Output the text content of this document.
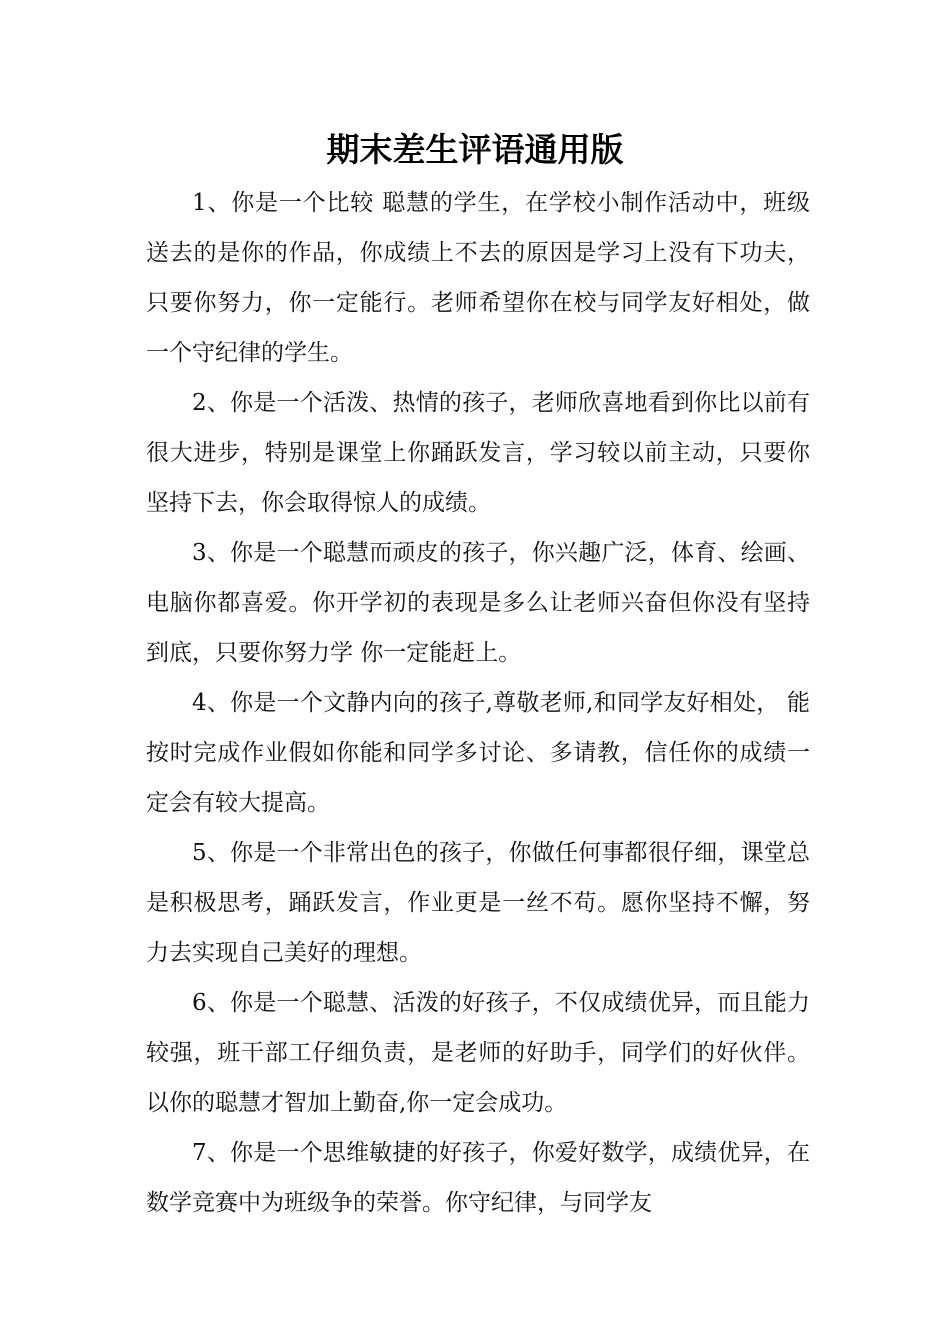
期末差生评语通用版

1、你是一个比较 聪慧的学生，在学校小制作活动中，班级送去的是你的作品，你成绩上不去的原因是学习上没有下功夫，只要你努力，你一定能行。老师希望你在校与同学友好相处，做一个守纪律的学生。

2、你是一个活泼、热情的孩子，老师欣喜地看到你比以前有很大进步，特别是课堂上你踊跃发言，学习较以前主动，只要你坚持下去，你会取得惊人的成绩。

3、你是一个聪慧而顽皮的孩子，你兴趣广泛，体育、绘画、电脑你都喜爱。你开学初的表现是多么让老师兴奋但你没有坚持到底，只要你努力学 你一定能赶上。

4、你是一个文静内向的孩子,尊敬老师,和同学友好相处， 能按时完成作业假如你能和同学多讨论、多请教，信任你的成绩一定会有较大提高。

5、你是一个非常出色的孩子，你做任何事都很仔细，课堂总是积极思考，踊跃发言，作业更是一丝不苟。愿你坚持不懈，努力去实现自己美好的理想。

6、你是一个聪慧、活泼的好孩子，不仅成绩优异，而且能力较强，班干部工仔细负责，是老师的好助手，同学们的好伙伴。以你的聪慧才智加上勤奋,你一定会成功。

7、你是一个思维敏捷的好孩子，你爱好数学，成绩优异，在数学竞赛中为班级争的荣誉。你守纪律，与同学友
